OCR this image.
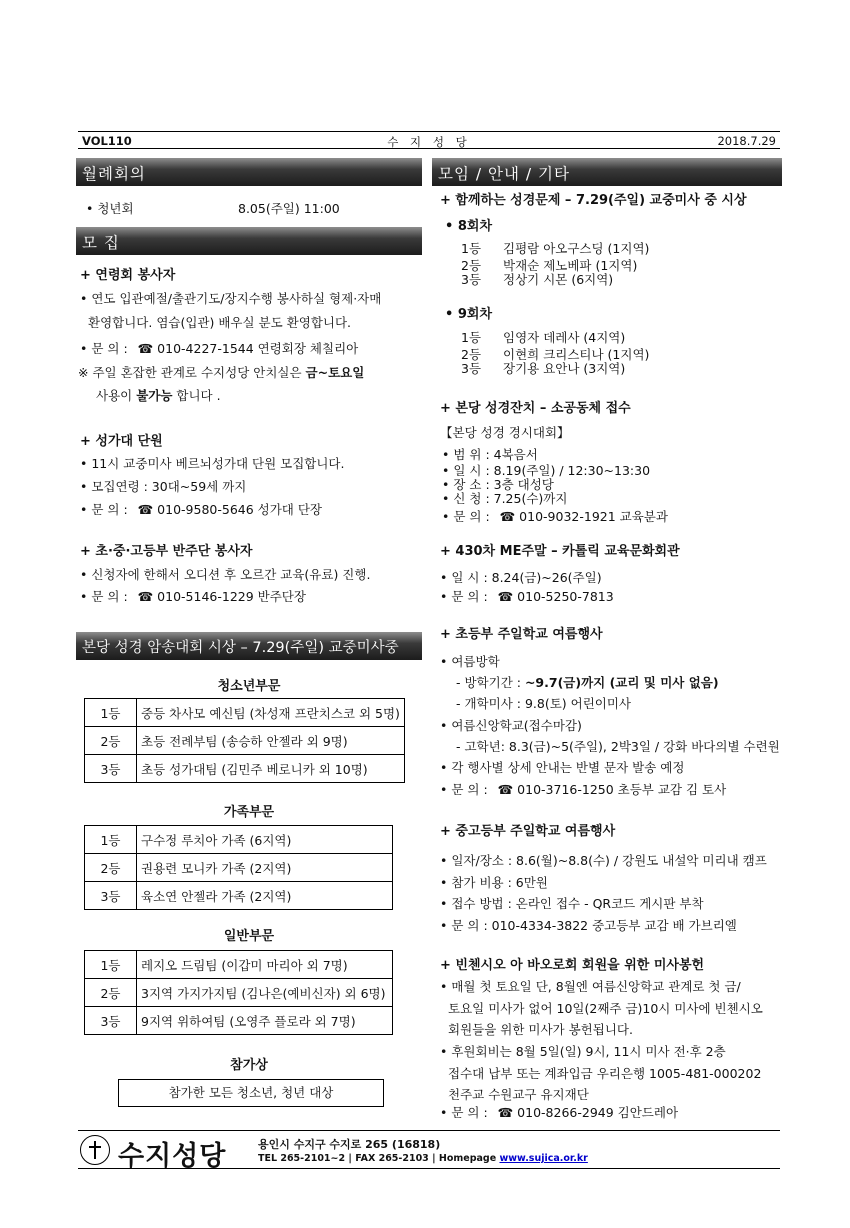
VOL110	수 지 성 당	2018.7.29
월례회의
• 청년회	8.05(주일) 11:00
모 집
+ 연령회 봉사자
• 연도 입관예절/출관기도/장지수행 봉사하실 형제·자매
환영합니다. 염습(입관) 배우실 분도 환영합니다.
• 문 의 : ☎ 010-4227-1544 연령회장 체칠리아
※ 주일 혼잡한 관계로 수지성당 안치실은 금~토요일
사용이 불가능 합니다 .
+ 성가대 단원
• 11시 교중미사 베르뇌성가대 단원 모집합니다.
• 모집연령 : 30대~59세 까지
• 문 의 : ☎ 010-9580-5646 성가대 단장
+ 초·중·고등부 반주단 봉사자
• 신청자에 한해서 오디션 후 오르간 교육(유료) 진행.
• 문 의 : ☎ 010-5146-1229 반주단장
본당 성경 암송대회 시상 – 7.29(주일) 교중미사중
청소년부문
1등	중등 차사모 예신팀 (차성재 프란치스코 외 5명)
2등	초등 전례부팀 (송승하 안젤라 외 9명)
3등	초등 성가대팀 (김민주 베로니카 외 10명)
가족부문
1등	구수정 루치아 가족 (6지역)
2등	권용련 모니카 가족 (2지역)
3등	육소연 안젤라 가족 (2지역)
일반부문
1등	레지오 드림팀 (이갑미 마리아 외 7명)
2등	3지역 가지가지팀 (김나은(예비신자) 외 6명)
3등	9지역 위하여팀 (오영주 플로라 외 7명)
참가상
참가한 모든 청소년, 청년 대상
모임 / 안내 / 기타
+ 함께하는 성경문제 – 7.29(주일) 교중미사 중 시상
• 8회차
1등 김평람 아오구스딩 (1지역)
2등 박재순 제노베파 (1지역)
3등 정상기 시몬 (6지역)
• 9회차
1등 임영자 데레사 (4지역)
2등 이현희 크리스티나 (1지역)
3등 장기용 요안나 (3지역)
+ 본당 성경잔치 – 소공동체 접수
【본당 성경 경시대회】
• 범 위 : 4복음서
• 일 시 : 8.19(주일) / 12:30~13:30
• 장 소 : 3층 대성당
• 신 청 : 7.25(수)까지
• 문 의 : ☎ 010-9032-1921 교육분과
+ 430차 ME주말 – 카톨릭 교육문화회관
• 일 시 : 8.24(금)~26(주일)
• 문 의 : ☎ 010-5250-7813
+ 초등부 주일학교 여름행사
• 여름방학
- 방학기간 : ~9.7(금)까지 (교리 및 미사 없음)
- 개학미사 : 9.8(토) 어린이미사
• 여름신앙학교(접수마감)
- 고학년: 8.3(금)~5(주일), 2박3일 / 강화 바다의별 수련원
• 각 행사별 상세 안내는 반별 문자 발송 예정
• 문 의 : ☎ 010-3716-1250 초등부 교감 김 토사
+ 중고등부 주일학교 여름행사
• 일자/장소 : 8.6(월)~8.8(수) / 강원도 내설악 미리내 캠프
• 참가 비용 : 6만원
• 접수 방법 : 온라인 접수 - QR코드 게시판 부착
• 문 의 : 010-4334-3822 중고등부 교감 배 가브리엘
+ 빈첸시오 아 바오로회 회원을 위한 미사봉헌
• 매월 첫 토요일 단, 8월엔 여름신앙학교 관계로 첫 금/
토요일 미사가 없어 10일(2째주 금)10시 미사에 빈첸시오
회원들을 위한 미사가 봉헌됩니다.
• 후원회비는 8월 5일(일) 9시, 11시 미사 전·후 2층
접수대 납부 또는 계좌입금 우리은행 1005-481-000202
천주교 수원교구 유지재단
• 문 의 : ☎ 010-8266-2949 김안드레아
수지성당	용인시 수지구 수지로 265 (16818)
TEL 265-2101~2 | FAX 265-2103 | Homepage www.sujica.or.kr
